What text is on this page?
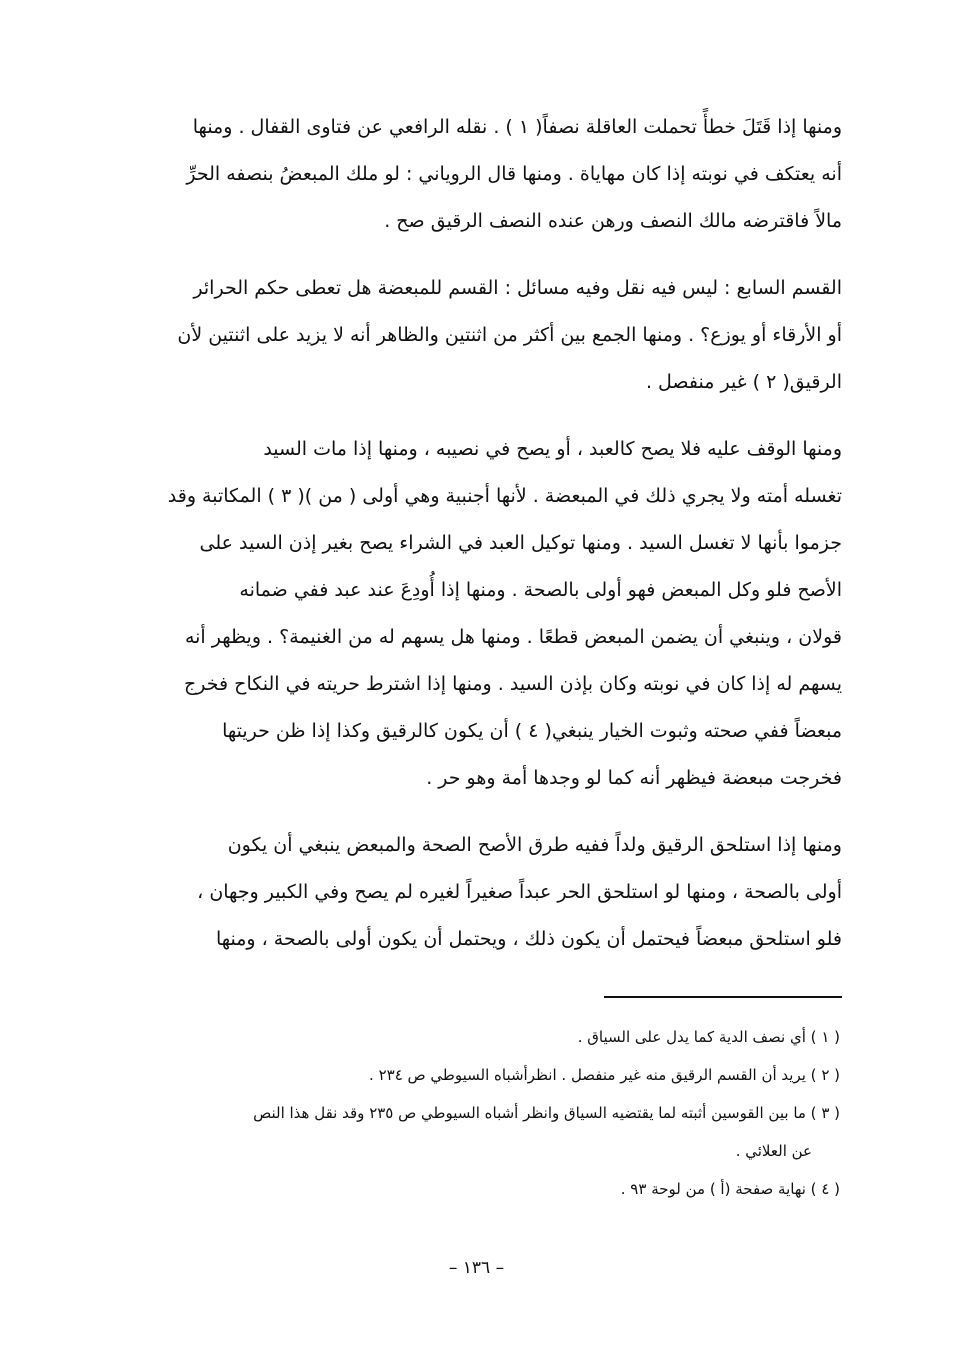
ومنها إذا قَتَلَ خطأً تحملت العاقلة نصفاً( ١ ) . نقله الرافعي عن فتاوى القفال . ومنها
أنه يعتكف في نوبته إذا كان مهاياة . ومنها قال الروياني : لو ملك المبعضُ بنصفه الحرِّ
مالاً فاقترضه مالك النصف ورهن عنده النصف الرقيق صح .
القسم السابع : ليس فيه نقل وفيه مسائل : القسم للمبعضة هل تعطى حكم الحرائر
أو الأرقاء أو يوزع؟ . ومنها الجمع بين أكثر من اثنتين والظاهر أنه لا يزيد على اثنتين لأن
الرقيق( ٢ ) غير منفصل .
ومنها الوقف عليه فلا يصح كالعبد ، أو يصح في نصيبه ، ومنها إذا مات السيد
تغسله أمته ولا يجري ذلك في المبعضة . لأنها أجنبية وهي أولى ( من )( ٣ ) المكاتبة وقد
جزموا بأنها لا تغسل السيد . ومنها توكيل العبد في الشراء يصح بغير إذن السيد على
الأصح فلو وكل المبعض فهو أولى بالصحة . ومنها إذا أُودِعَ عند عبد ففي ضمانه
قولان ، وينبغي أن يضمن المبعض قطعًا . ومنها هل يسهم له من الغنيمة؟ . ويظهر أنه
يسهم له إذا كان في نوبته وكان بإذن السيد . ومنها إذا اشترط حريته في النكاح فخرج
مبعضاً ففي صحته وثبوت الخيار ينبغي( ٤ ) أن يكون كالرقيق وكذا إذا ظن حريتها
فخرجت مبعضة فيظهر أنه كما لو وجدها أمة وهو حر .
ومنها إذا استلحق الرقيق ولداً ففيه طرق الأصح الصحة والمبعض ينبغي أن يكون
أولى بالصحة ، ومنها لو استلحق الحر عبداً صغيراً لغيره لم يصح وفي الكبير وجهان ،
فلو استلحق مبعضاً فيحتمل أن يكون ذلك ، ويحتمل أن يكون أولى بالصحة ، ومنها
( ١ ) أي نصف الدية كما يدل على السياق .
( ٢ ) يريد أن القسم الرقيق منه غير منفصل . انظرأشباه السيوطي ص ٢٣٤ .
( ٣ ) ما بين القوسين أثبته لما يقتضيه السياق وانظر أشباه السيوطي ص ٢٣٥ وقد نقل هذا النص
عن العلائي .
( ٤ ) نهاية صفحة (أ ) من لوحة ٩٣ .
– ١٣٦ –
